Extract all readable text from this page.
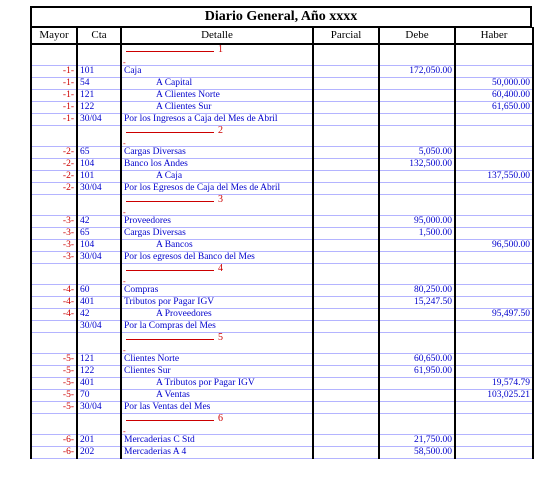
Diario General, Año xxxx
Mayor	Cta	Detalle	Parcial	Debe	Haber

		1
-			

-1-	101	Caja		172,050.00	
-1-	54	A Capital			50,000.00
-1-	121	A Clientes Norte			60,400.00
-1-	122	A Clientes Sur			61,650.00
-1-	30/04	Por los Ingresos a Caja del Mes de Abril			

		2
-			

-2-	65	Cargas Diversas		5,050.00	
-2-	104	Banco los Andes		132,500.00	
-2-	101	A Caja			137,550.00
-2-	30/04	Por los Egresos de Caja del Mes de Abril			

		3
-			

-3-	42	Proveedores		95,000.00	
-3-	65	Cargas Diversas		1,500.00	
-3-	104	A Bancos			96,500.00
-3-	30/04	Por los egresos del Banco del Mes			

		4
-			

-4-	60	Compras		80,250.00	
-4-	401	Tributos por Pagar IGV		15,247.50	
-4-	42	A Proveedores			95,497.50
	30/04	Por la Compras del Mes			

		5
-			

-5-	121	Clientes Norte		60,650.00	
-5-	122	Clientes Sur		61,950.00	
-5-	401	A Tributos por Pagar IGV			19,574.79
-5-	70	A Ventas			103,025.21
-5-	30/04	Por las Ventas del Mes			

		6
-			

-6-	201	Mercaderias C Std		21,750.00	
-6-	202	Mercaderias A 4		58,500.00	
